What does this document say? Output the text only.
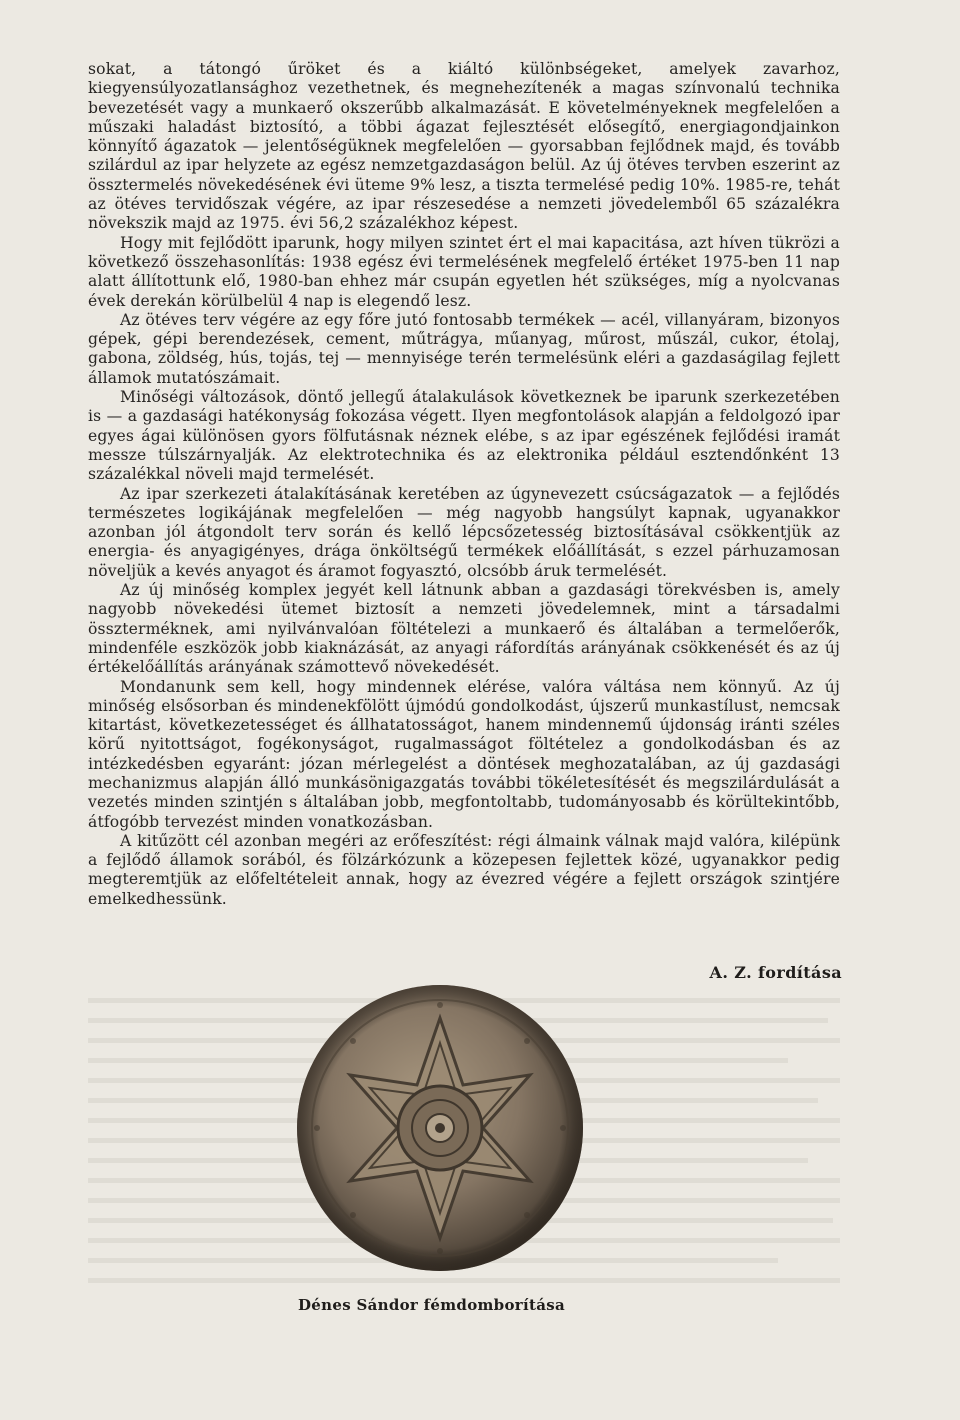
sokat, a tátongó űröket és a kiáltó különbségeket, amelyek zavarhoz, kiegyensúlyozatlansághoz vezethetnek, és megnehezítenék a magas színvonalú technika bevezetését vagy a munkaerő okszerűbb alkalmazását. E követelményeknek megfelelően a műszaki haladást biztosító, a többi ágazat fejlesztését elősegítő, energiagondjainkon könnyítő ágazatok — jelentőségüknek megfelelően — gyorsabban fejlődnek majd, és tovább szilárdul az ipar helyzete az egész nemzetgazdaságon belül. Az új ötéves tervben eszerint az össztermelés növekedésének évi üteme 9% lesz, a tiszta termelésé pedig 10%. 1985-re, tehát az ötéves tervidőszak végére, az ipar részesedése a nemzeti jövedelemből 65 százalékra növekszik majd az 1975. évi 56,2 százalékhoz képest.

Hogy mit fejlődött iparunk, hogy milyen szintet ért el mai kapacitása, azt híven tükrözi a következő összehasonlítás: 1938 egész évi termelésének megfelelő értéket 1975-ben 11 nap alatt állítottunk elő, 1980-ban ehhez már csupán egyetlen hét szükséges, míg a nyolcvanas évek derekán körülbelül 4 nap is elegendő lesz.

Az ötéves terv végére az egy főre jutó fontosabb termékek — acél, villanyáram, bizonyos gépek, gépi berendezések, cement, műtrágya, műanyag, műrost, műszál, cukor, étolaj, gabona, zöldség, hús, tojás, tej — mennyisége terén termelésünk eléri a gazdaságilag fejlett államok mutatószámait.

Minőségi változások, döntő jellegű átalakulások következnek be iparunk szerkezetében is — a gazdasági hatékonyság fokozása végett. Ilyen megfontolások alapján a feldolgozó ipar egyes ágai különösen gyors fölfutásnak néznek elébe, s az ipar egészének fejlődési iramát messze túlszárnyalják. Az elektrotechnika és az elektronika például esztendőnként 13 százalékkal növeli majd termelését.

Az ipar szerkezeti átalakításának keretében az úgynevezett csúcságazatok — a fejlődés természetes logikájának megfelelően — még nagyobb hangsúlyt kapnak, ugyanakkor azonban jól átgondolt terv során és kellő lépcsőzetesség biztosításával csökkentjük az energia- és anyagigényes, drága önköltségű termékek előállítását, s ezzel párhuzamosan növeljük a kevés anyagot és áramot fogyasztó, olcsóbb áruk termelését.

Az új minőség komplex jegyét kell látnunk abban a gazdasági törekvésben is, amely nagyobb növekedési ütemet biztosít a nemzeti jövedelemnek, mint a társadalmi összterméknek, ami nyilvánvalóan föltételezi a munkaerő és általában a termelőerők, mindenféle eszközök jobb kiaknázását, az anyagi ráfordítás arányának csökkenését és az új értékelőállítás arányának számottevő növekedését.

Mondanunk sem kell, hogy mindennek elérése, valóra váltása nem könnyű. Az új minőség elsősorban és mindenekfölött újmódú gondolkodást, újszerű munkastílust, nemcsak kitartást, következetességet és állhatatosságot, hanem mindennemű újdonság iránti széles körű nyitottságot, fogékonyságot, rugalmasságot föltételez a gondolkodásban és az intézkedésben egyaránt: józan mérlegelést a döntések meghozatalában, az új gazdasági mechanizmus alapján álló munkásönigazgatás további tökéletesítését és megszilárdulását a vezetés minden szintjén s általában jobb, megfontoltabb, tudományosabb és körültekintőbb, átfogóbb tervezést minden vonatkozásban.

A kitűzött cél azonban megéri az erőfeszítést: régi álmaink válnak majd valóra, kilépünk a fejlődő államok sorából, és fölzárkózunk a közepesen fejlettek közé, ugyanakkor pedig megteremtjük az előfeltételeit annak, hogy az évezred végére a fejlett országok szintjére emelkedhessünk.

A. Z. fordítása
Dénes Sándor fémdomborítása
